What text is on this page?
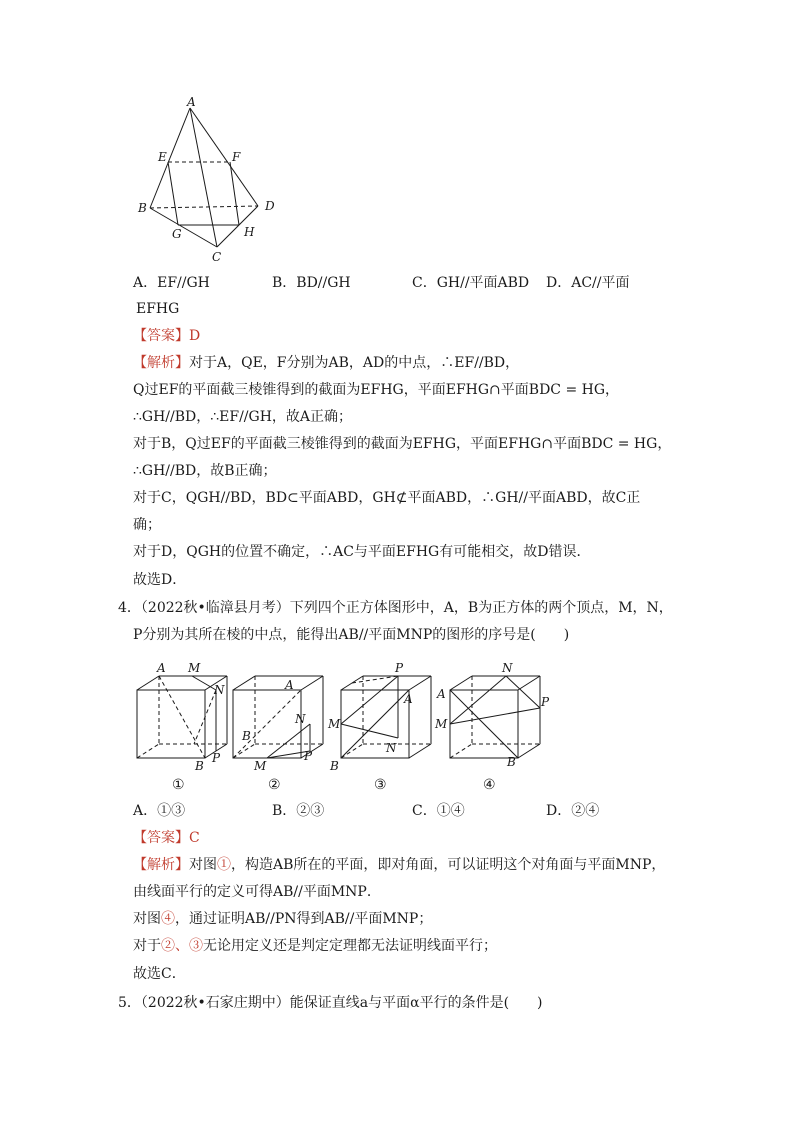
A
E	F
B	D
G	H
C
A．EF//GH	B．BD//GH	C．GH//平面ABD D．AC//平面
EFHG
【答案】D
【解析】对于A，QE，F分别为AB，AD的中点，∴EF//BD，
Q过EF的平面截三棱锥得到的截面为EFHG，平面EFHG∩平面BDC = HG，
∴GH//BD，∴EF//GH，故A正确；
对于B，Q过EF的平面截三棱锥得到的截面为EFHG，平面EFHG∩平面BDC = HG，
∴GH//BD，故B正确；
对于C，QGH//BD，BD⊂平面ABD，GH⊄平面ABD，∴GH//平面ABD，故C正
确；
对于D，QGH的位置不确定，∴AC与平面EFHG有可能相交，故D错误．
故选D．
4．（2022秋•临漳县月考）下列四个正方体图形中，A，B为正方体的两个顶点，M，N，
P分别为其所在棱的中点，能得出AB//平面MNP的图形的序号是(　　)
A M
N
P
B
①
A
N
B
P
M
②
P
A
M
N
B
③
N
A
M
P
B
④
A．①③	B．②③	C．①④	D．②④
【答案】C
【解析】对图①，构造AB所在的平面，即对角面，可以证明这个对角面与平面MNP，
由线面平行的定义可得AB//平面MNP．
对图④，通过证明AB//PN得到AB//平面MNP；
对于②、③无论用定义还是判定定理都无法证明线面平行；
故选C．
5．（2022秋•石家庄期中）能保证直线a与平面α平行的条件是(　　)
